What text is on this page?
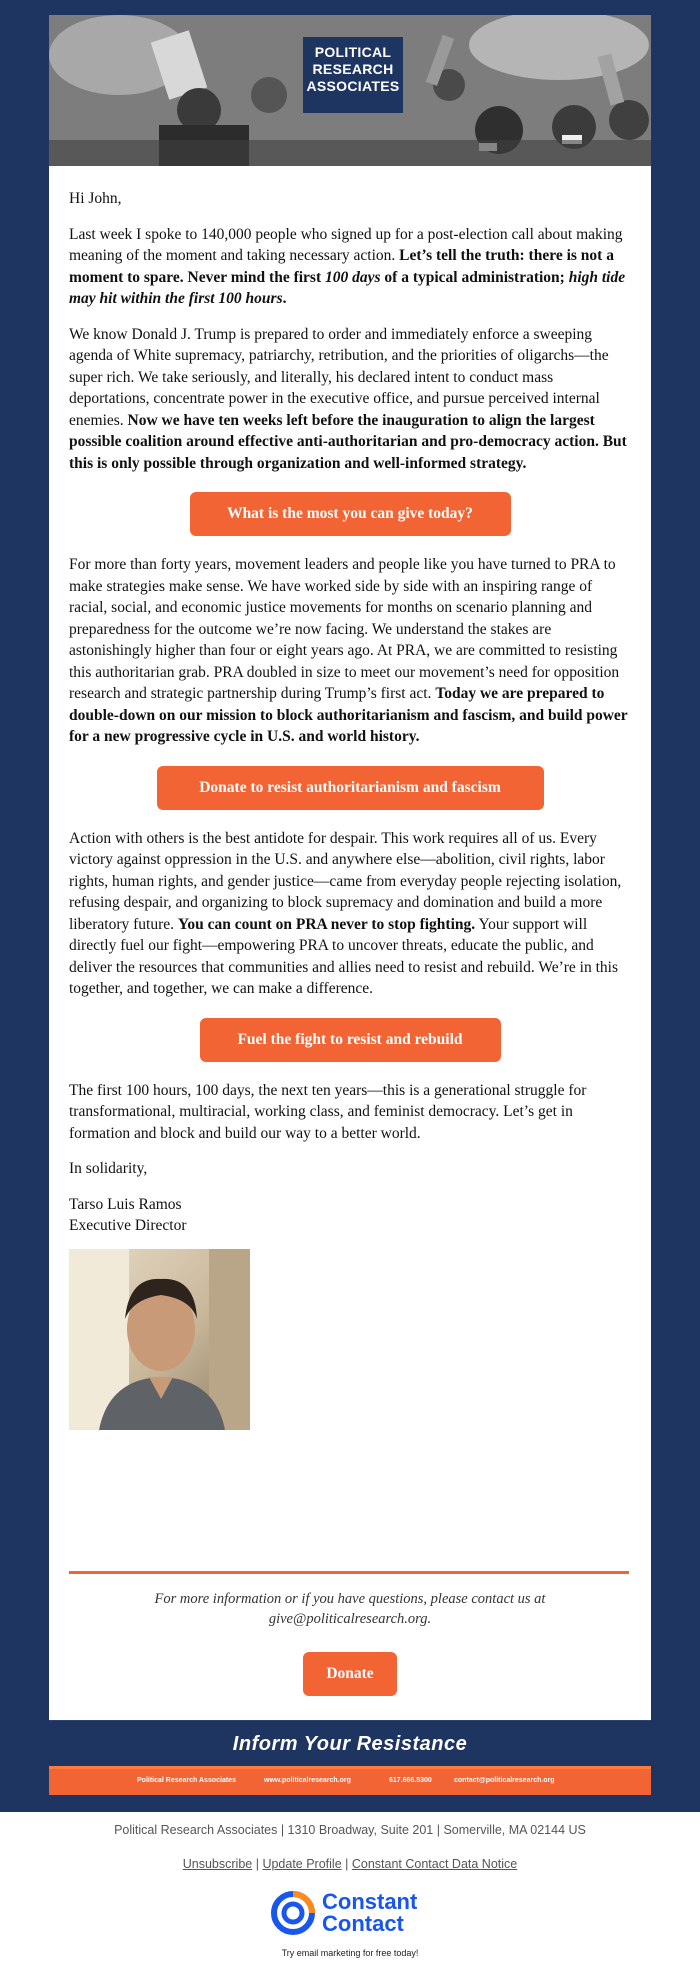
POLITICAL
RESEARCH
ASSOCIATES

Hi John,

Last week I spoke to 140,000 people who signed up for a post-election call about making meaning of the moment and taking necessary action. Let’s tell the truth: there is not a moment to spare. Never mind the first 100 days of a typical administration; high tide may hit within the first 100 hours.

We know Donald J. Trump is prepared to order and immediately enforce a sweeping agenda of White supremacy, patriarchy, retribution, and the priorities of oligarchs—the super rich. We take seriously, and literally, his declared intent to conduct mass deportations, concentrate power in the executive office, and pursue perceived internal enemies. Now we have ten weeks left before the inauguration to align the largest possible coalition around effective anti-authoritarian and pro-democracy action. But this is only possible through organization and well-informed strategy.

What is the most you can give today?

For more than forty years, movement leaders and people like you have turned to PRA to make strategies make sense. We have worked side by side with an inspiring range of racial, social, and economic justice movements for months on scenario planning and preparedness for the outcome we’re now facing. We understand the stakes are astonishingly higher than four or eight years ago. At PRA, we are committed to resisting this authoritarian grab. PRA doubled in size to meet our movement’s need for opposition research and strategic partnership during Trump’s first act. Today we are prepared to double-down on our mission to block authoritarianism and fascism, and build power for a new progressive cycle in U.S. and world history.

Donate to resist authoritarianism and fascism

Action with others is the best antidote for despair. This work requires all of us. Every victory against oppression in the U.S. and anywhere else—abolition, civil rights, labor rights, human rights, and gender justice—came from everyday people rejecting isolation, refusing despair, and organizing to block supremacy and domination and build a more liberatory future. You can count on PRA never to stop fighting. Your support will directly fuel our fight—empowering PRA to uncover threats, educate the public, and deliver the resources that communities and allies need to resist and rebuild. We’re in this together, and together, we can make a difference.

Fuel the fight to resist and rebuild

The first 100 hours, 100 days, the next ten years—this is a generational struggle for transformational, multiracial, working class, and feminist democracy. Let’s get in formation and block and build our way to a better world.

In solidarity,

Tarso Luis Ramos
Executive Director

For more information or if you have questions, please contact us at
give@politicalresearch.org.
Donate
Inform Your Resistance
Political Research Associates	www.politicalresearch.org	617.666.5300	contact@politicalresearch.org
Political Research Associates | 1310 Broadway, Suite 201 | Somerville, MA 02144 US
Unsubscribe | Update Profile | Constant Contact Data Notice
Constant
Contact
Try email marketing for free today!
